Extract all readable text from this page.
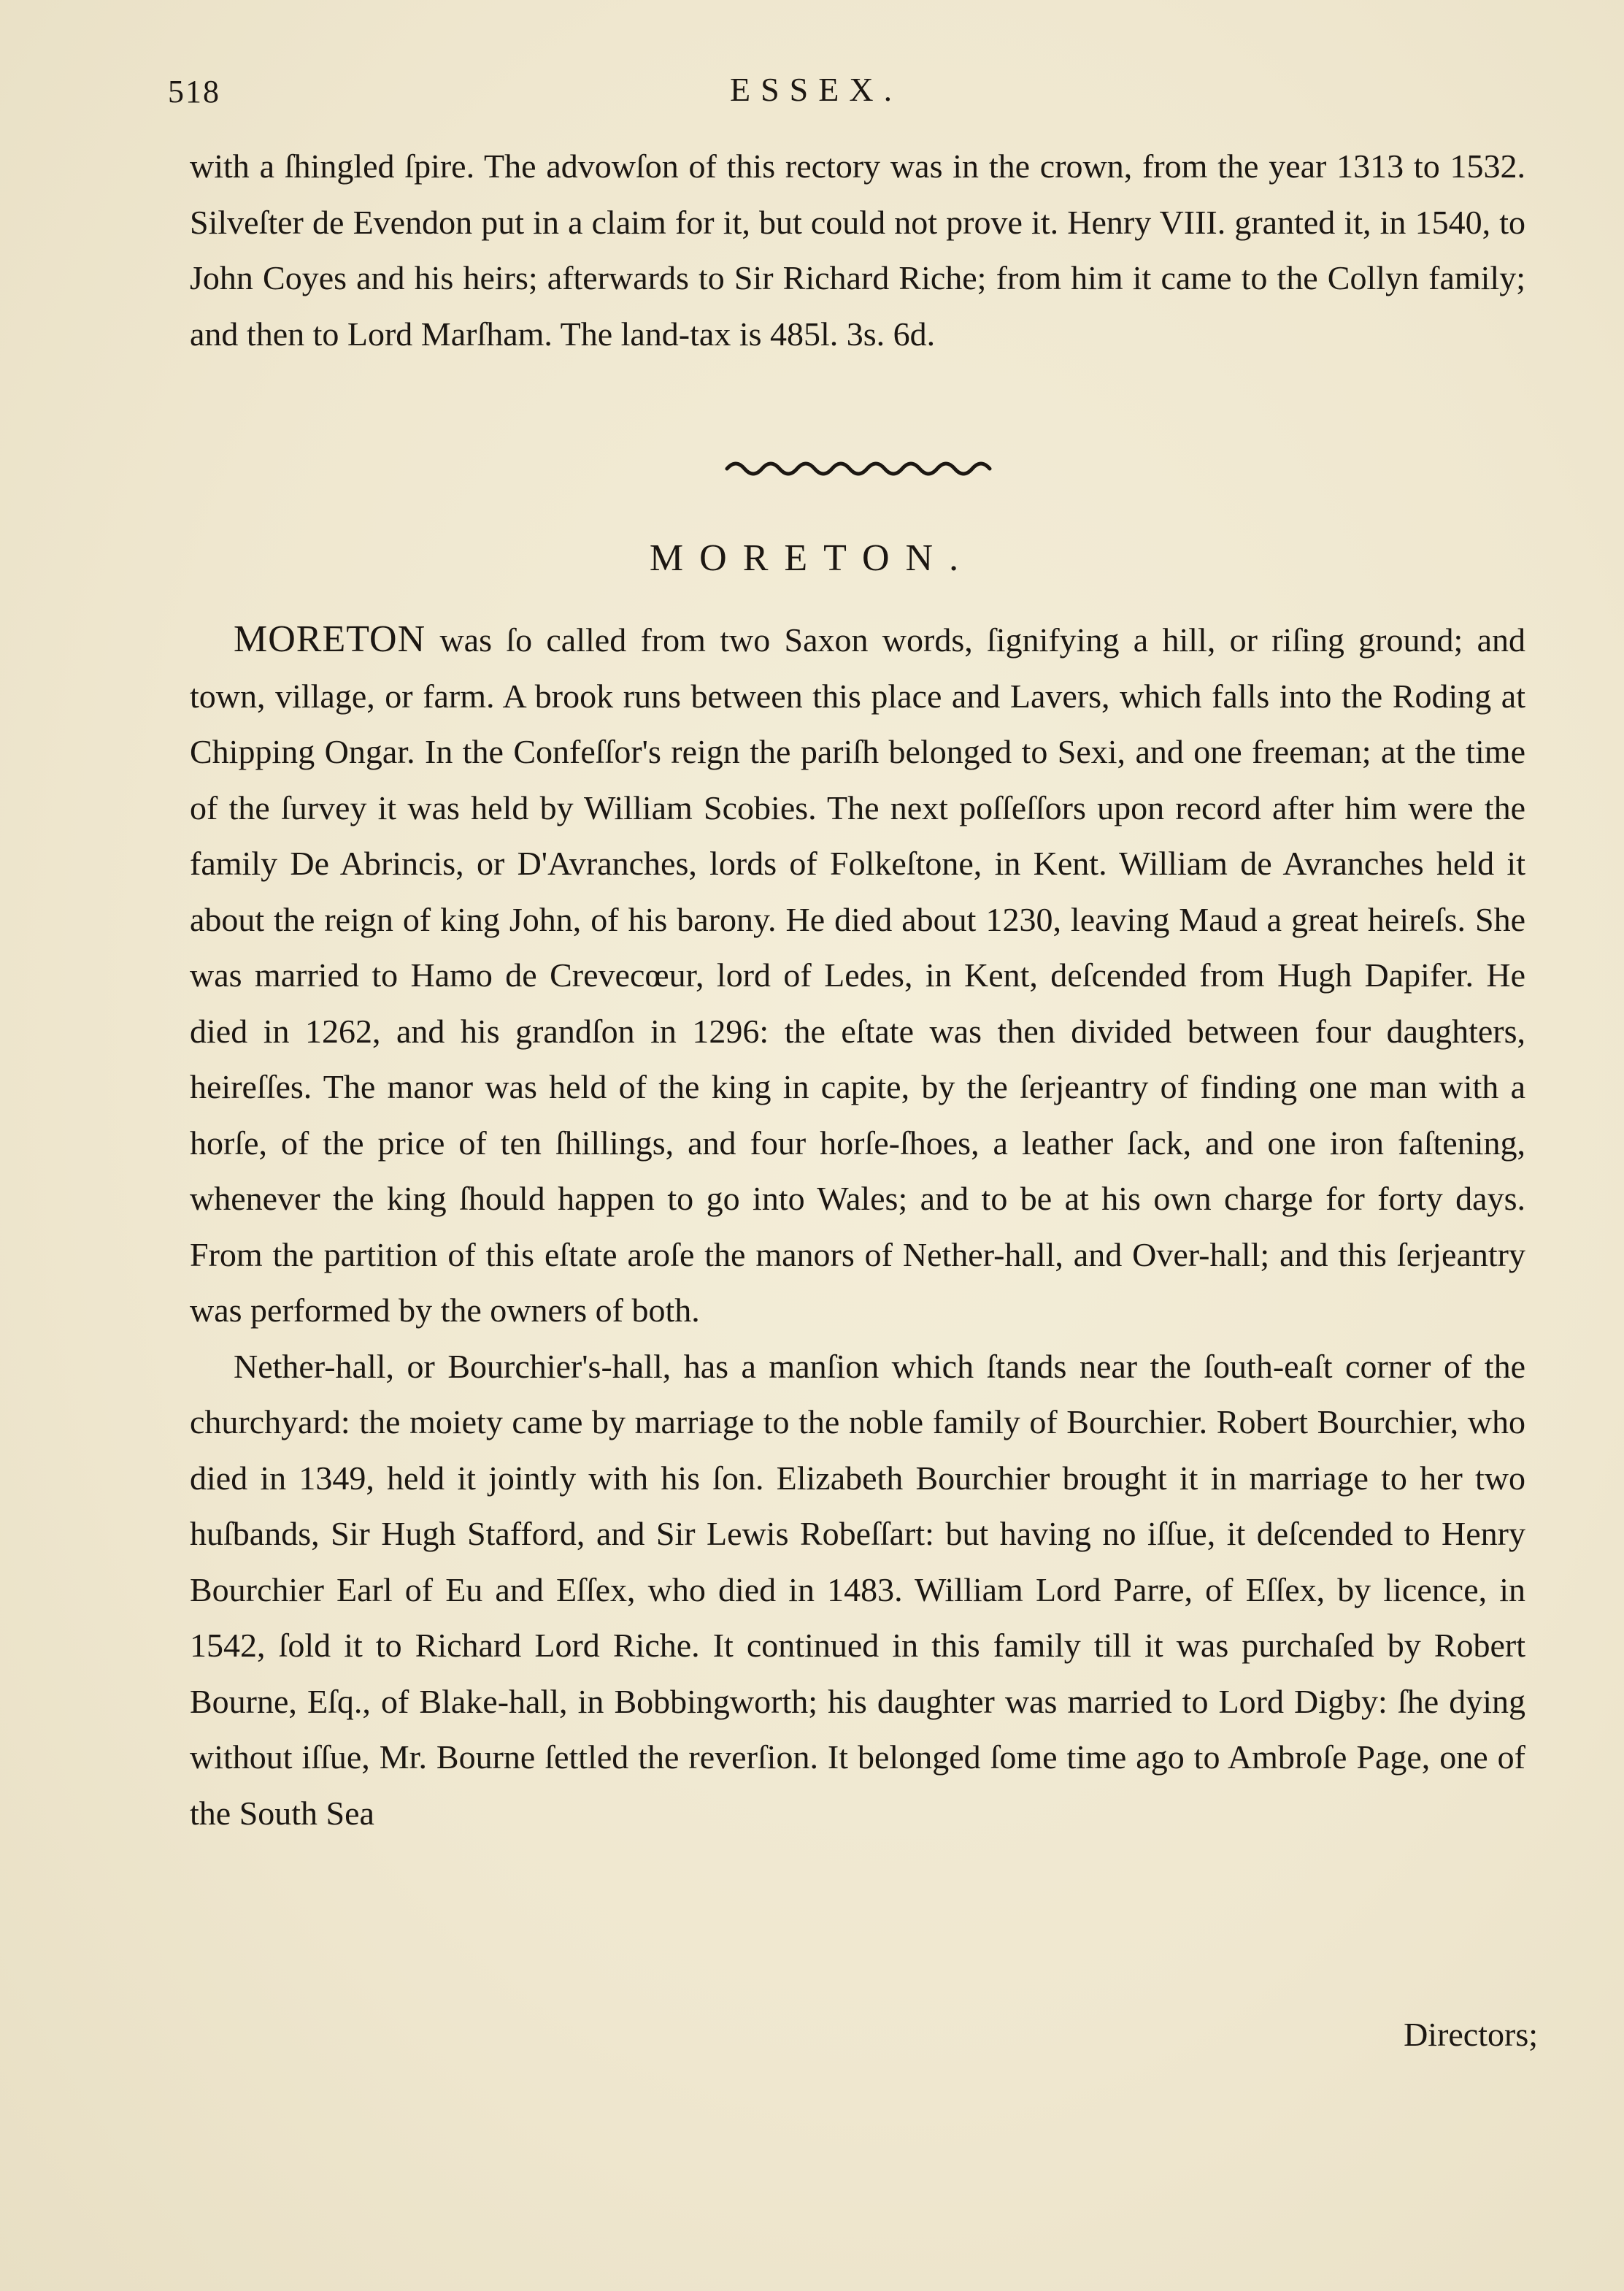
518	ESSEX.

with a ſhingled ſpire. The advowſon of this rectory was in the crown, from the year 1313 to 1532. Silveſter de Evendon put in a claim for it, but could not prove it. Henry VIII. granted it, in 1540, to John Coyes and his heirs; afterwards to Sir Richard Riche; from him it came to the Collyn family; and then to Lord Marſham. The land-tax is 485l. 3s. 6d.

MORETON.

MORETON was ſo called from two Saxon words, ſignifying a hill, or riſing ground; and town, village, or farm. A brook runs between this place and Lavers, which falls into the Roding at Chipping Ongar. In the Confeſſor's reign the pariſh belonged to Sexi, and one freeman; at the time of the ſurvey it was held by William Scobies. The next poſſeſſors upon record after him were the family De Abrincis, or D'Avranches, lords of Folkeſtone, in Kent. William de Avranches held it about the reign of king John, of his barony. He died about 1230, leaving Maud a great heireſs. She was married to Hamo de Crevecœur, lord of Ledes, in Kent, deſcended from Hugh Dapifer. He died in 1262, and his grandſon in 1296: the eſtate was then divided between four daughters, heireſſes. The manor was held of the king in capite, by the ſerjeantry of finding one man with a horſe, of the price of ten ſhillings, and four horſe-ſhoes, a leather ſack, and one iron faſtening, whenever the king ſhould happen to go into Wales; and to be at his own charge for forty days. From the partition of this eſtate aroſe the manors of Nether-hall, and Over-hall; and this ſerjeantry was performed by the owners of both.

Nether-hall, or Bourchier's-hall, has a manſion which ſtands near the ſouth-eaſt corner of the churchyard: the moiety came by marriage to the noble family of Bourchier. Robert Bourchier, who died in 1349, held it jointly with his ſon. Elizabeth Bourchier brought it in marriage to her two huſbands, Sir Hugh Stafford, and Sir Lewis Robeſſart: but having no iſſue, it deſcended to Henry Bourchier Earl of Eu and Eſſex, who died in 1483. William Lord Parre, of Eſſex, by licence, in 1542, ſold it to Richard Lord Riche. It continued in this family till it was purchaſed by Robert Bourne, Eſq., of Blake-hall, in Bobbingworth; his daughter was married to Lord Digby: ſhe dying without iſſue, Mr. Bourne ſettled the reverſion. It belonged ſome time ago to Ambroſe Page, one of the South Sea

Directors;
